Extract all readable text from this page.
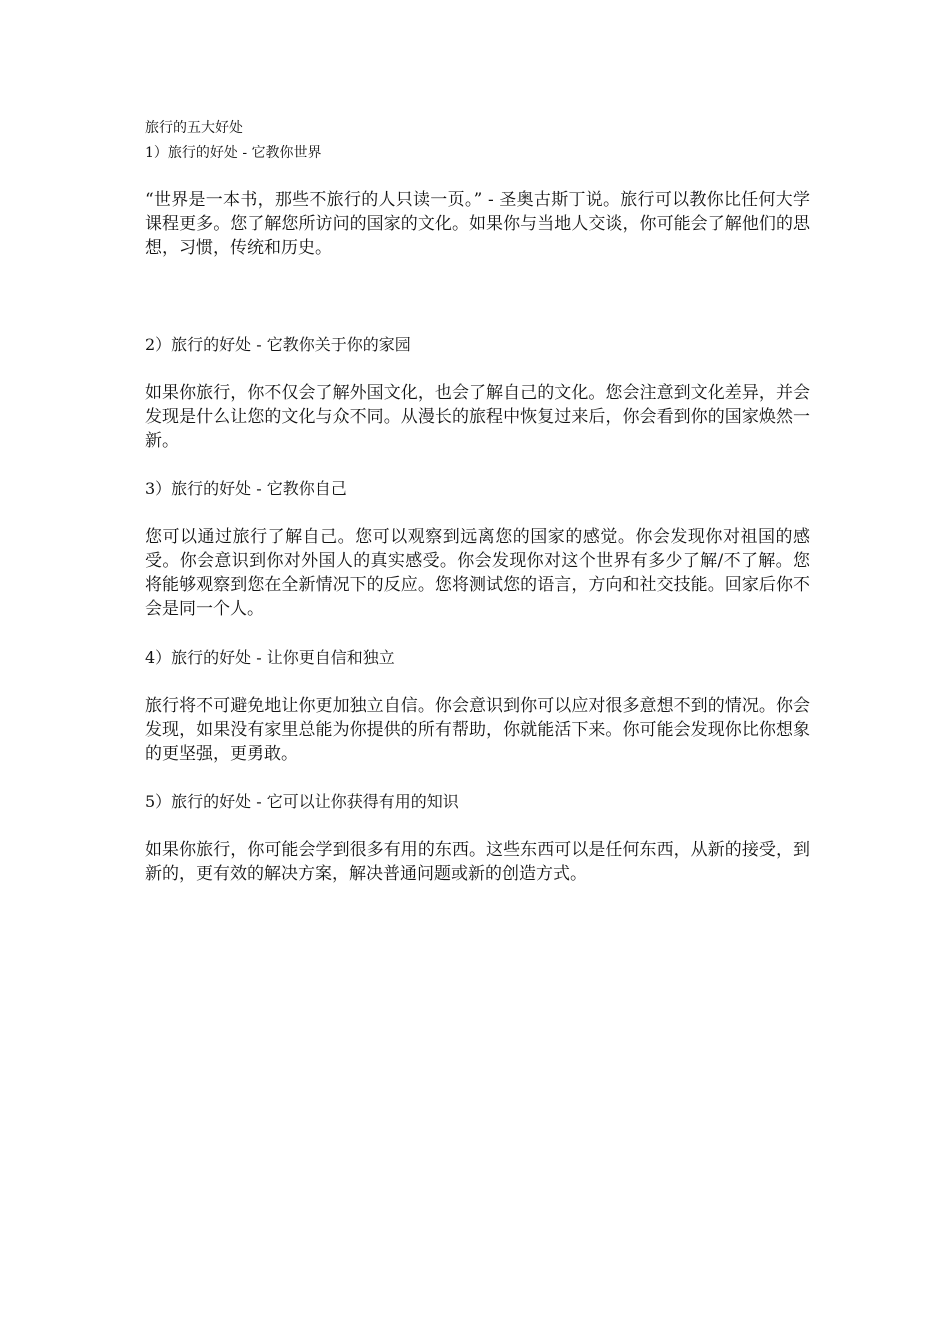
旅行的五大好处
1）旅行的好处 - 它教你世界

“世界是一本书，那些不旅行的人只读一页。” - 圣奥古斯丁说。旅行可以教你比任何大学课程更多。您了解您所访问的国家的文化。如果你与当地人交谈，你可能会了解他们的思想，习惯，传统和历史。

2）旅行的好处 - 它教你关于你的家园

如果你旅行，你不仅会了解外国文化，也会了解自己的文化。您会注意到文化差异，并会发现是什么让您的文化与众不同。从漫长的旅程中恢复过来后，你会看到你的国家焕然一新。

3）旅行的好处 - 它教你自己

您可以通过旅行了解自己。您可以观察到远离您的国家的感觉。你会发现你对祖国的感受。你会意识到你对外国人的真实感受。你会发现你对这个世界有多少了解/不了解。您将能够观察到您在全新情况下的反应。您将测试您的语言，方向和社交技能。回家后你不会是同一个人。

4）旅行的好处 - 让你更自信和独立

旅行将不可避免地让你更加独立自信。你会意识到你可以应对很多意想不到的情况。你会发现，如果没有家里总能为你提供的所有帮助，你就能活下来。你可能会发现你比你想象的更坚强，更勇敢。

5）旅行的好处 - 它可以让你获得有用的知识

如果你旅行，你可能会学到很多有用的东西。这些东西可以是任何东西，从新的接受，到新的，更有效的解决方案，解决普通问题或新的创造方式。
